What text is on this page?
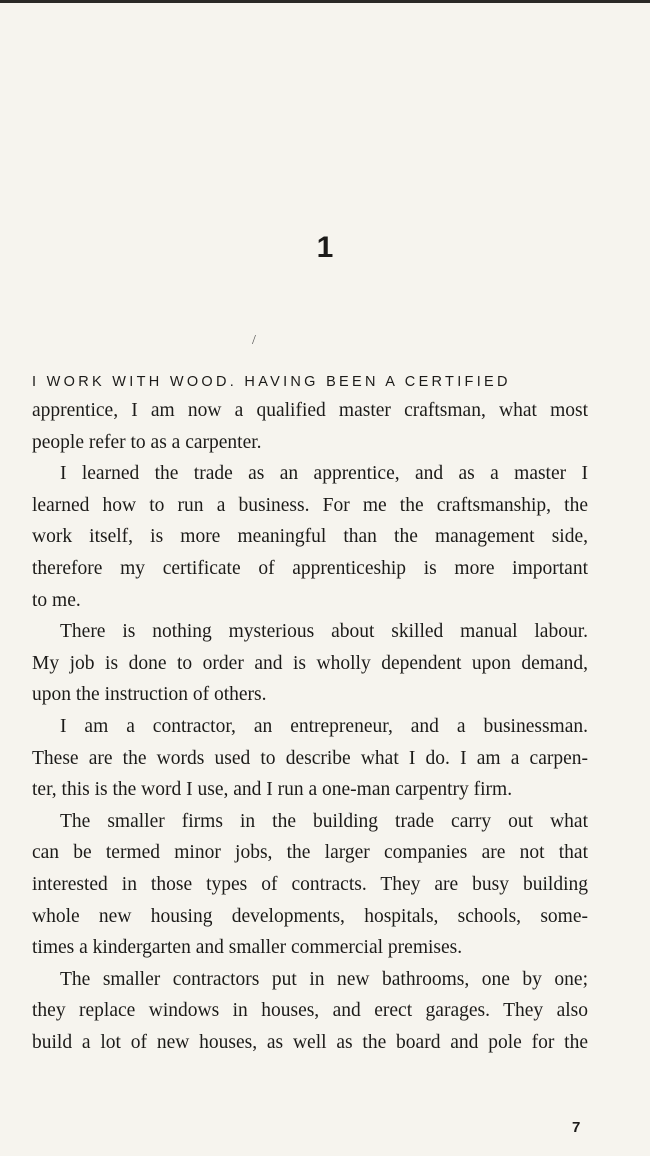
1
/

I WORK WITH WOOD. HAVING BEEN A CERTIFIED

apprentice, I am now a qualified master craftsman, what most
people refer to as a carpenter.
I learned the trade as an apprentice, and as a master I
learned how to run a business. For me the craftsmanship, the
work itself, is more meaningful than the management side,
therefore my certificate of apprenticeship is more important
to me.
There is nothing mysterious about skilled manual labour.
My job is done to order and is wholly dependent upon demand,
upon the instruction of others.
I am a contractor, an entrepreneur, and a businessman.
These are the words used to describe what I do. I am a carpen-
ter, this is the word I use, and I run a one-man carpentry firm.
The smaller firms in the building trade carry out what
can be termed minor jobs, the larger companies are not that
interested in those types of contracts. They are busy building
whole new housing developments, hospitals, schools, some-
times a kindergarten and smaller commercial premises.
The smaller contractors put in new bathrooms, one by one;
they replace windows in houses, and erect garages. They also
build a lot of new houses, as well as the board and pole for the
7
